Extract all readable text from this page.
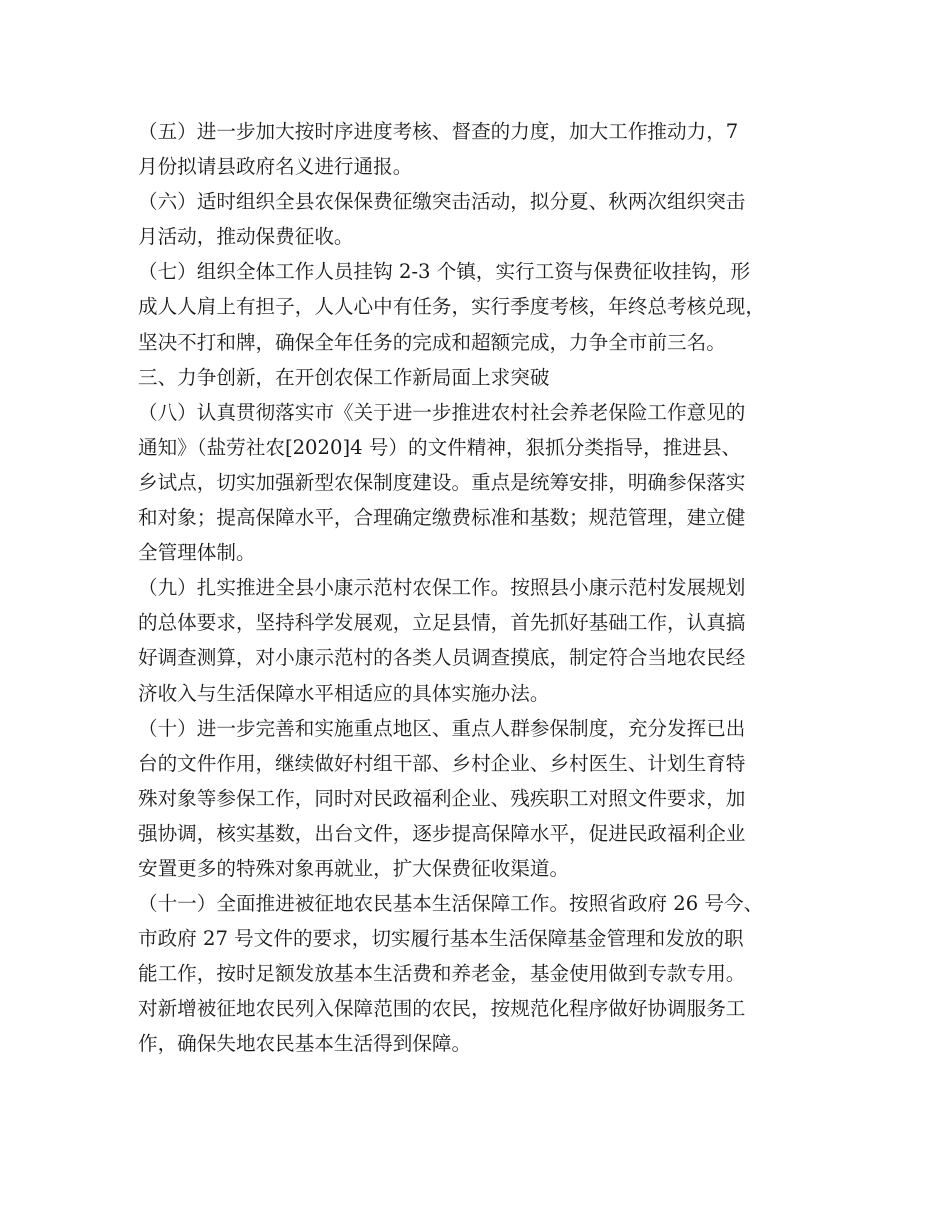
（五）进一步加大按时序进度考核、督查的力度，加大工作推动力，7
月份拟请县政府名义进行通报。
（六）适时组织全县农保保费征缴突击活动，拟分夏、秋两次组织突击
月活动，推动保费征收。
（七）组织全体工作人员挂钩 2-3 个镇，实行工资与保费征收挂钩，形
成人人肩上有担子，人人心中有任务，实行季度考核，年终总考核兑现，
坚决不打和牌，确保全年任务的完成和超额完成，力争全市前三名。
三、力争创新，在开创农保工作新局面上求突破
（八）认真贯彻落实市《关于进一步推进农村社会养老保险工作意见的
通知》（盐劳社农[2020]4 号）的文件精神，狠抓分类指导，推进县、
乡试点，切实加强新型农保制度建设。重点是统筹安排，明确参保落实
和对象；提高保障水平，合理确定缴费标准和基数；规范管理，建立健
全管理体制。
（九）扎实推进全县小康示范村农保工作。按照县小康示范村发展规划
的总体要求，坚持科学发展观，立足县情，首先抓好基础工作，认真搞
好调查测算，对小康示范村的各类人员调查摸底，制定符合当地农民经
济收入与生活保障水平相适应的具体实施办法。
（十）进一步完善和实施重点地区、重点人群参保制度，充分发挥已出
台的文件作用，继续做好村组干部、乡村企业、乡村医生、计划生育特
殊对象等参保工作，同时对民政福利企业、残疾职工对照文件要求，加
强协调，核实基数，出台文件，逐步提高保障水平，促进民政福利企业
安置更多的特殊对象再就业，扩大保费征收渠道。
（十一）全面推进被征地农民基本生活保障工作。按照省政府 26 号今、
市政府 27 号文件的要求，切实履行基本生活保障基金管理和发放的职
能工作，按时足额发放基本生活费和养老金，基金使用做到专款专用。
对新增被征地农民列入保障范围的农民，按规范化程序做好协调服务工
作，确保失地农民基本生活得到保障。
